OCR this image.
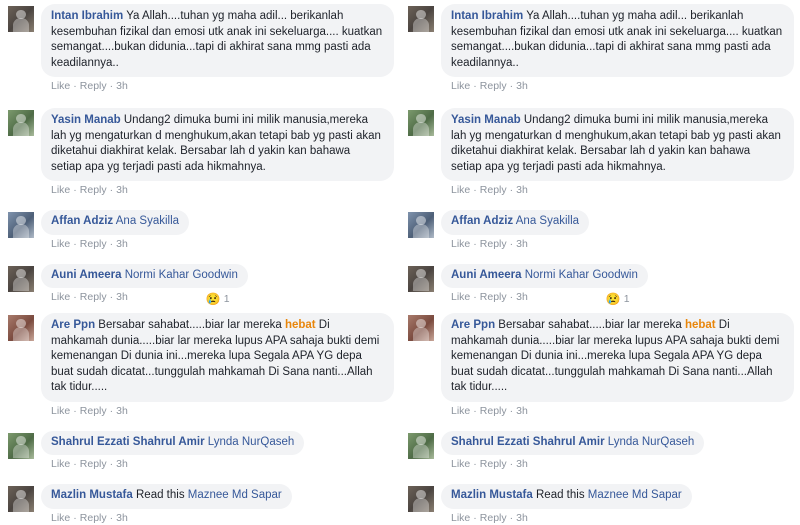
Intan Ibrahim Ya Allah....tuhan yg maha adil... berikanlah kesembuhan fizikal dan emosi utk anak ini sekeluarga.... kuatkan semangat....bukan didunia...tapi di akhirat sana mmg pasti ada keadilannya..
Like · Reply · 3h
Yasin Manab Undang2 dimuka bumi ini milik manusia,mereka lah yg mengaturkan d menghukum,akan tetapi bab yg pasti akan diketahui diakhirat kelak. Bersabar lah d yakin kan bahawa setiap apa yg terjadi pasti ada hikmahnya.
Like · Reply · 3h
Affan Adziz Ana Syakilla
Like · Reply · 3h
Auni Ameera Normi Kahar Goodwin
Like · Reply · 3h	😢 1
Are Ppn Bersabar sahabat.....biar lar mereka hebat Di mahkamah dunia.....biar lar mereka lupus APA sahaja bukti demi kemenangan Di dunia ini...mereka lupa Segala APA YG depa buat sudah dicatat...tunggulah mahkamah Di Sana nanti...Allah tak tidur.....
Like · Reply · 3h
Shahrul Ezzati Shahrul Amir Lynda NurQaseh
Like · Reply · 3h
Mazlin Mustafa Read this Maznee Md Sapar
Like · Reply · 3h
Intan Ibrahim Ya Allah....tuhan yg maha adil... berikanlah kesembuhan fizikal dan emosi utk anak ini sekeluarga.... kuatkan semangat....bukan didunia...tapi di akhirat sana mmg pasti ada keadilannya..
Like · Reply · 3h
Yasin Manab Undang2 dimuka bumi ini milik manusia,mereka lah yg mengaturkan d menghukum,akan tetapi bab yg pasti akan diketahui diakhirat kelak. Bersabar lah d yakin kan bahawa setiap apa yg terjadi pasti ada hikmahnya.
Like · Reply · 3h
Affan Adziz Ana Syakilla
Like · Reply · 3h
Auni Ameera Normi Kahar Goodwin
Like · Reply · 3h	😢 1
Are Ppn Bersabar sahabat.....biar lar mereka hebat Di mahkamah dunia.....biar lar mereka lupus APA sahaja bukti demi kemenangan Di dunia ini...mereka lupa Segala APA YG depa buat sudah dicatat...tunggulah mahkamah Di Sana nanti...Allah tak tidur.....
Like · Reply · 3h
Shahrul Ezzati Shahrul Amir Lynda NurQaseh
Like · Reply · 3h
Mazlin Mustafa Read this Maznee Md Sapar
Like · Reply · 3h
